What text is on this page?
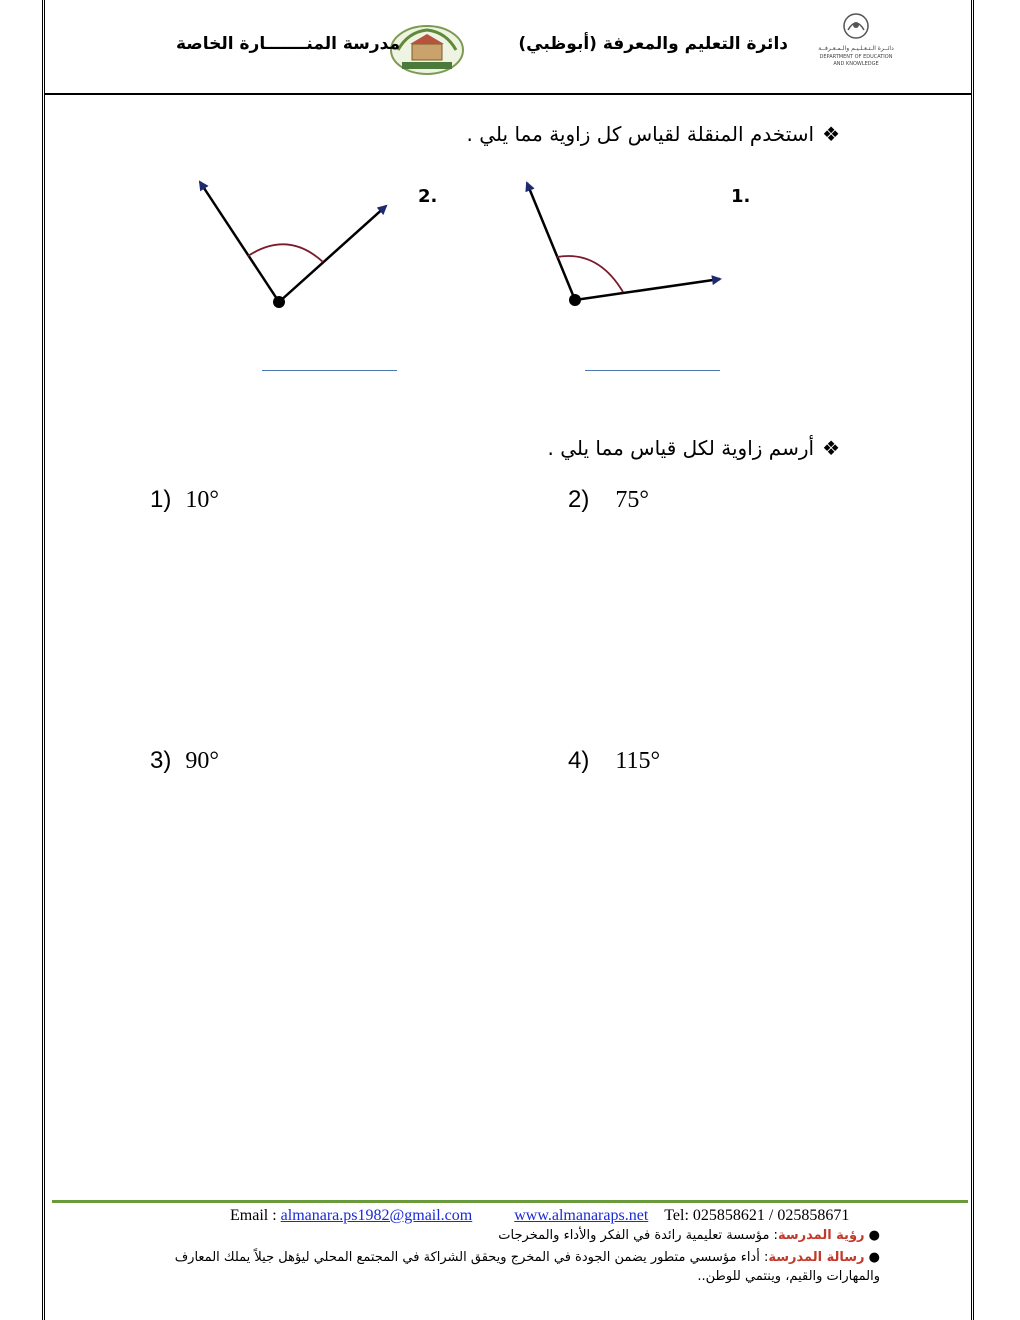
دائــرة الـتـعـلـيـم والـمـعـرفــة
DEPARTMENT OF EDUCATION
AND KNOWLEDGE
دائرة التعليم والمعرفة (أبوظبي)
مدرسة المنـــــــارة الخاصة
❖استخدم المنقلة لقياس كل زاوية مما يلي .
1.
2.
❖أرسم زاوية لكل قياس مما يلي .
1) 10°	2) 75°
3) 90°	4) 115°
Email : almanara.ps1982@gmail.com	www.almanaraps.net Tel: 025858621 / 025858671
● رؤية المدرسة: مؤسسة تعليمية رائدة في الفكر والأداء والمخرجات
● رسالة المدرسة: أداء مؤسسي متطور يضمن الجودة في المخرج ويحقق الشراكة في المجتمع المحلي ليؤهل جيلاً يملك المعارف والمهارات والقيم، وينتمي للوطن..
